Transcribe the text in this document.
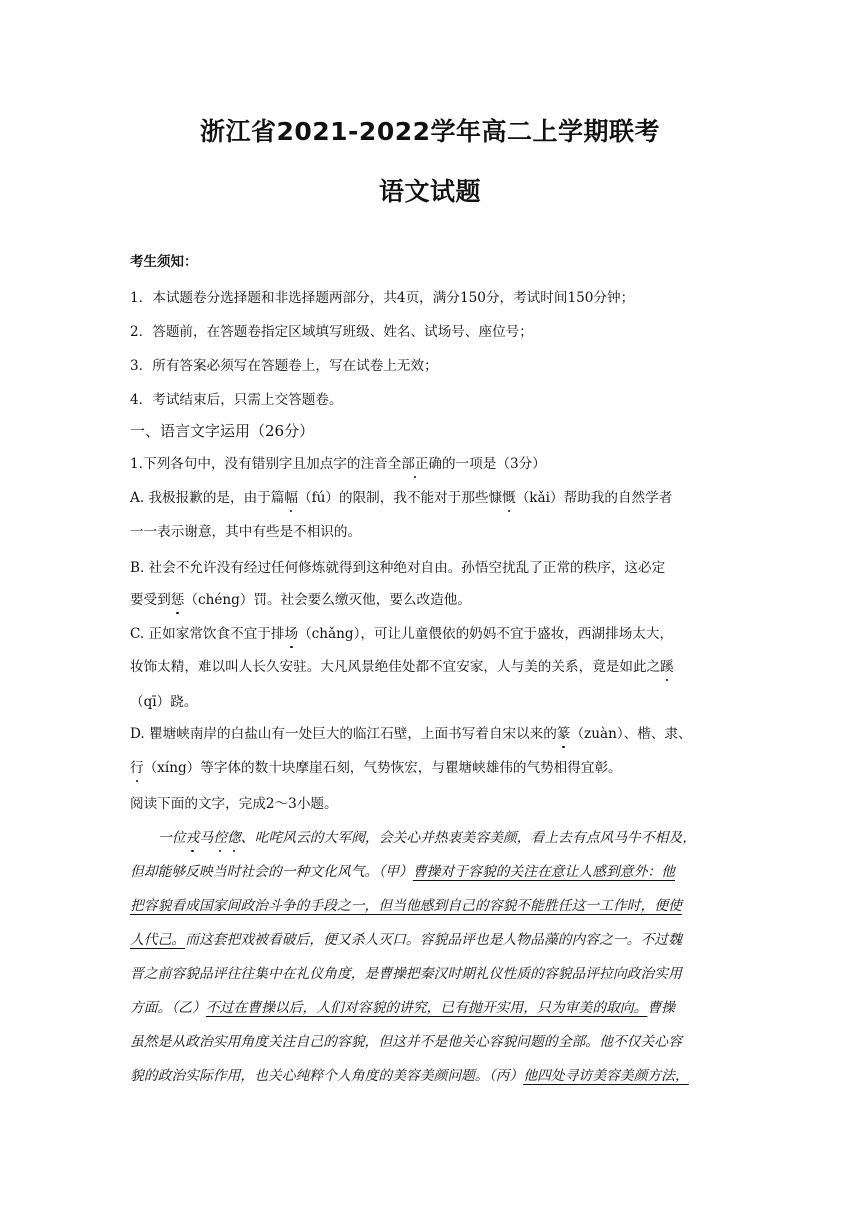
浙江省2021-2022学年高二上学期联考
语文试题
考生须知：
1．本试题卷分选择题和非选择题两部分，共4页，满分150分，考试时间150分钟；
2．答题前，在答题卷指定区域填写班级、姓名、试场号、座位号；
3．所有答案必须写在答题卷上，写在试卷上无效；
4．考试结束后，只需上交答题卷。
一、语言文字运用（26分）
1.下列各句中，没有错别字且加点字的注音全部正确的一项是（3分）
A. 我极报歉的是，由于篇幅（fú）的限制，我不能对于那些慷慨（kǎi）帮助我的自然学者
一一表示谢意，其中有些是不相识的。
B. 社会不允许没有经过任何修炼就得到这种绝对自由。孙悟空扰乱了正常的秩序，这必定
要受到惩（chéng）罚。社会要么缴灭他，要么改造他。
C. 正如家常饮食不宜于排场（chǎng），可让儿童偎依的奶妈不宜于盛妆，西湖排场太大，
妆饰太精，难以叫人长久安驻。大凡风景绝佳处都不宜安家，人与美的关系，竟是如此之蹊
（qī）跷。
D. 瞿塘峡南岸的白盐山有一处巨大的临江石壁，上面书写着自宋以来的篆（zuàn）、楷、隶、
行（xíng）等字体的数十块摩崖石刻，气势恢宏，与瞿塘峡雄伟的气势相得宜彰。
阅读下面的文字，完成2～3小题。
一位戎马倥偬、叱咤风云的大军阀，会关心并热衷美容美颜，看上去有点风马牛不相及，
但却能够反映当时社会的一种文化风气。（甲）曹操对于容貌的关注在意让人感到意外：他
把容貌看成国家间政治斗争的手段之一，但当他感到自己的容貌不能胜任这一工作时，便使
人代己。而这套把戏被看破后，便又杀人灭口。容貌品评也是人物品藻的内容之一。不过魏
晋之前容貌品评往往集中在礼仪角度，是曹操把秦汉时期礼仪性质的容貌品评拉向政治实用
方面。（乙）不过在曹操以后，人们对容貌的讲究，已有抛开实用，只为审美的取向。曹操
虽然是从政治实用角度关注自己的容貌，但这并不是他关心容貌问题的全部。他不仅关心容
貌的政治实际作用，也关心纯粹个人角度的美容美颜问题。（丙）他四处寻访美容美颜方法，
